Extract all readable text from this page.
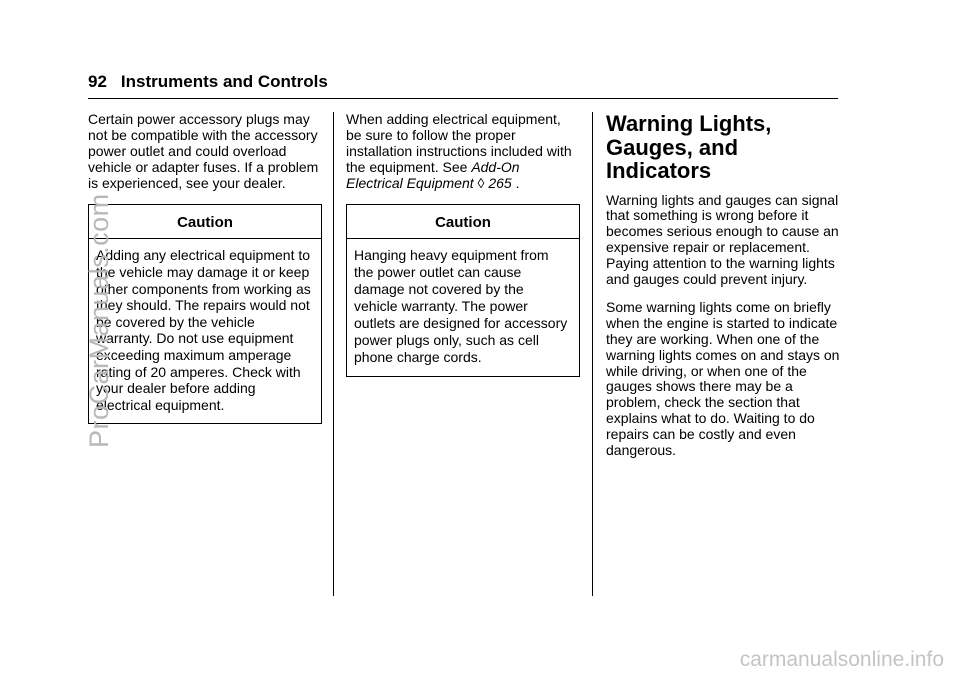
92 Instruments and Controls

Certain power accessory plugs may not be compatible with the accessory power outlet and could overload vehicle or adapter fuses. If a problem is experienced, see your dealer.

Caution
Adding any electrical equipment to the vehicle may damage it or keep other components from working as they should. The repairs would not be covered by the vehicle warranty. Do not use equipment exceeding maximum amperage rating of 20 amperes. Check with your dealer before adding electrical equipment.

When adding electrical equipment, be sure to follow the proper installation instructions included with the equipment. See Add-On Electrical Equipment ◊ 265 .

Caution
Hanging heavy equipment from the power outlet can cause damage not covered by the vehicle warranty. The power outlets are designed for accessory power plugs only, such as cell phone charge cords.
Warning Lights, Gauges, and Indicators

Warning lights and gauges can signal that something is wrong before it becomes serious enough to cause an expensive repair or replacement. Paying attention to the warning lights and gauges could prevent injury.

Some warning lights come on briefly when the engine is started to indicate they are working. When one of the warning lights comes on and stays on while driving, or when one of the gauges shows there may be a problem, check the section that explains what to do. Waiting to do repairs can be costly and even dangerous.

ProCarManuals.com
carmanualsonline.info
